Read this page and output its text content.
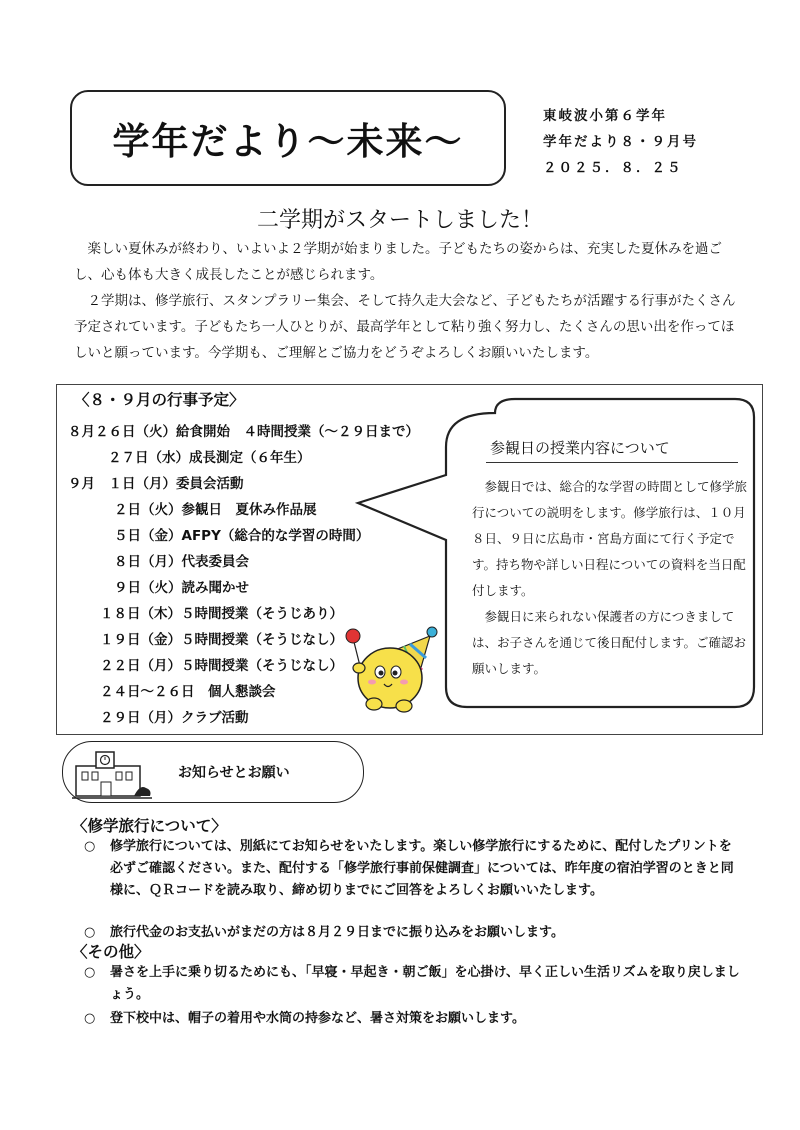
学年だより～未来～
東岐波小第６学年
学年だより８・９月号
２０２５．８．２５
二学期がスタートしました！

楽しい夏休みが終わり、いよいよ２学期が始まりました。子どもたちの姿からは、充実した夏休みを過ごし、心も体も大きく成長したことが感じられます。

２学期は、修学旅行、スタンプラリー集会、そして持久走大会など、子どもたちが活躍する行事がたくさん予定されています。子どもたち一人ひとりが、最高学年として粘り強く努力し、たくさんの思い出を作ってほしいと願っています。今学期も、ご理解とご協力をどうぞよろしくお願いいたします。

〈８・９月の行事予定〉
８月２６日（火）給食開始　４時間授業（～２９日まで）
２７日（水）成長測定（６年生）
９月　１日（月）委員会活動
２日（火）参観日　夏休み作品展
５日（金）AFPY（総合的な学習の時間）
８日（月）代表委員会
９日（火）読み聞かせ
１８日（木）５時間授業（そうじあり）
１９日（金）５時間授業（そうじなし）
２２日（月）５時間授業（そうじなし）
２４日～２６日　個人懇談会
２９日（月）クラブ活動
参観日の授業内容について

参観日では、総合的な学習の時間として修学旅行についての説明をします。修学旅行は、１０月８日、９日に広島市・宮島方面にて行く予定です。持ち物や詳しい日程についての資料を当日配付します。

参観日に来られない保護者の方につきましては、お子さんを通じて後日配付します。ご確認お願いします。

お知らせとお願い
〈修学旅行について〉
○ 修学旅行については、別紙にてお知らせをいたします。楽しい修学旅行にするために、配付したプリントを必ずご確認ください。また、配付する「修学旅行事前保健調査」については、昨年度の宿泊学習のときと同様に、ＱＲコードを読み取り、締め切りまでにご回答をよろしくお願いいたします。
○ 旅行代金のお支払いがまだの方は８月２９日までに振り込みをお願いします。
〈その他〉
○ 暑さを上手に乗り切るためにも、「早寝・早起き・朝ご飯」を心掛け、早く正しい生活リズムを取り戻しましょう。
○ 登下校中は、帽子の着用や水筒の持参など、暑さ対策をお願いします。
